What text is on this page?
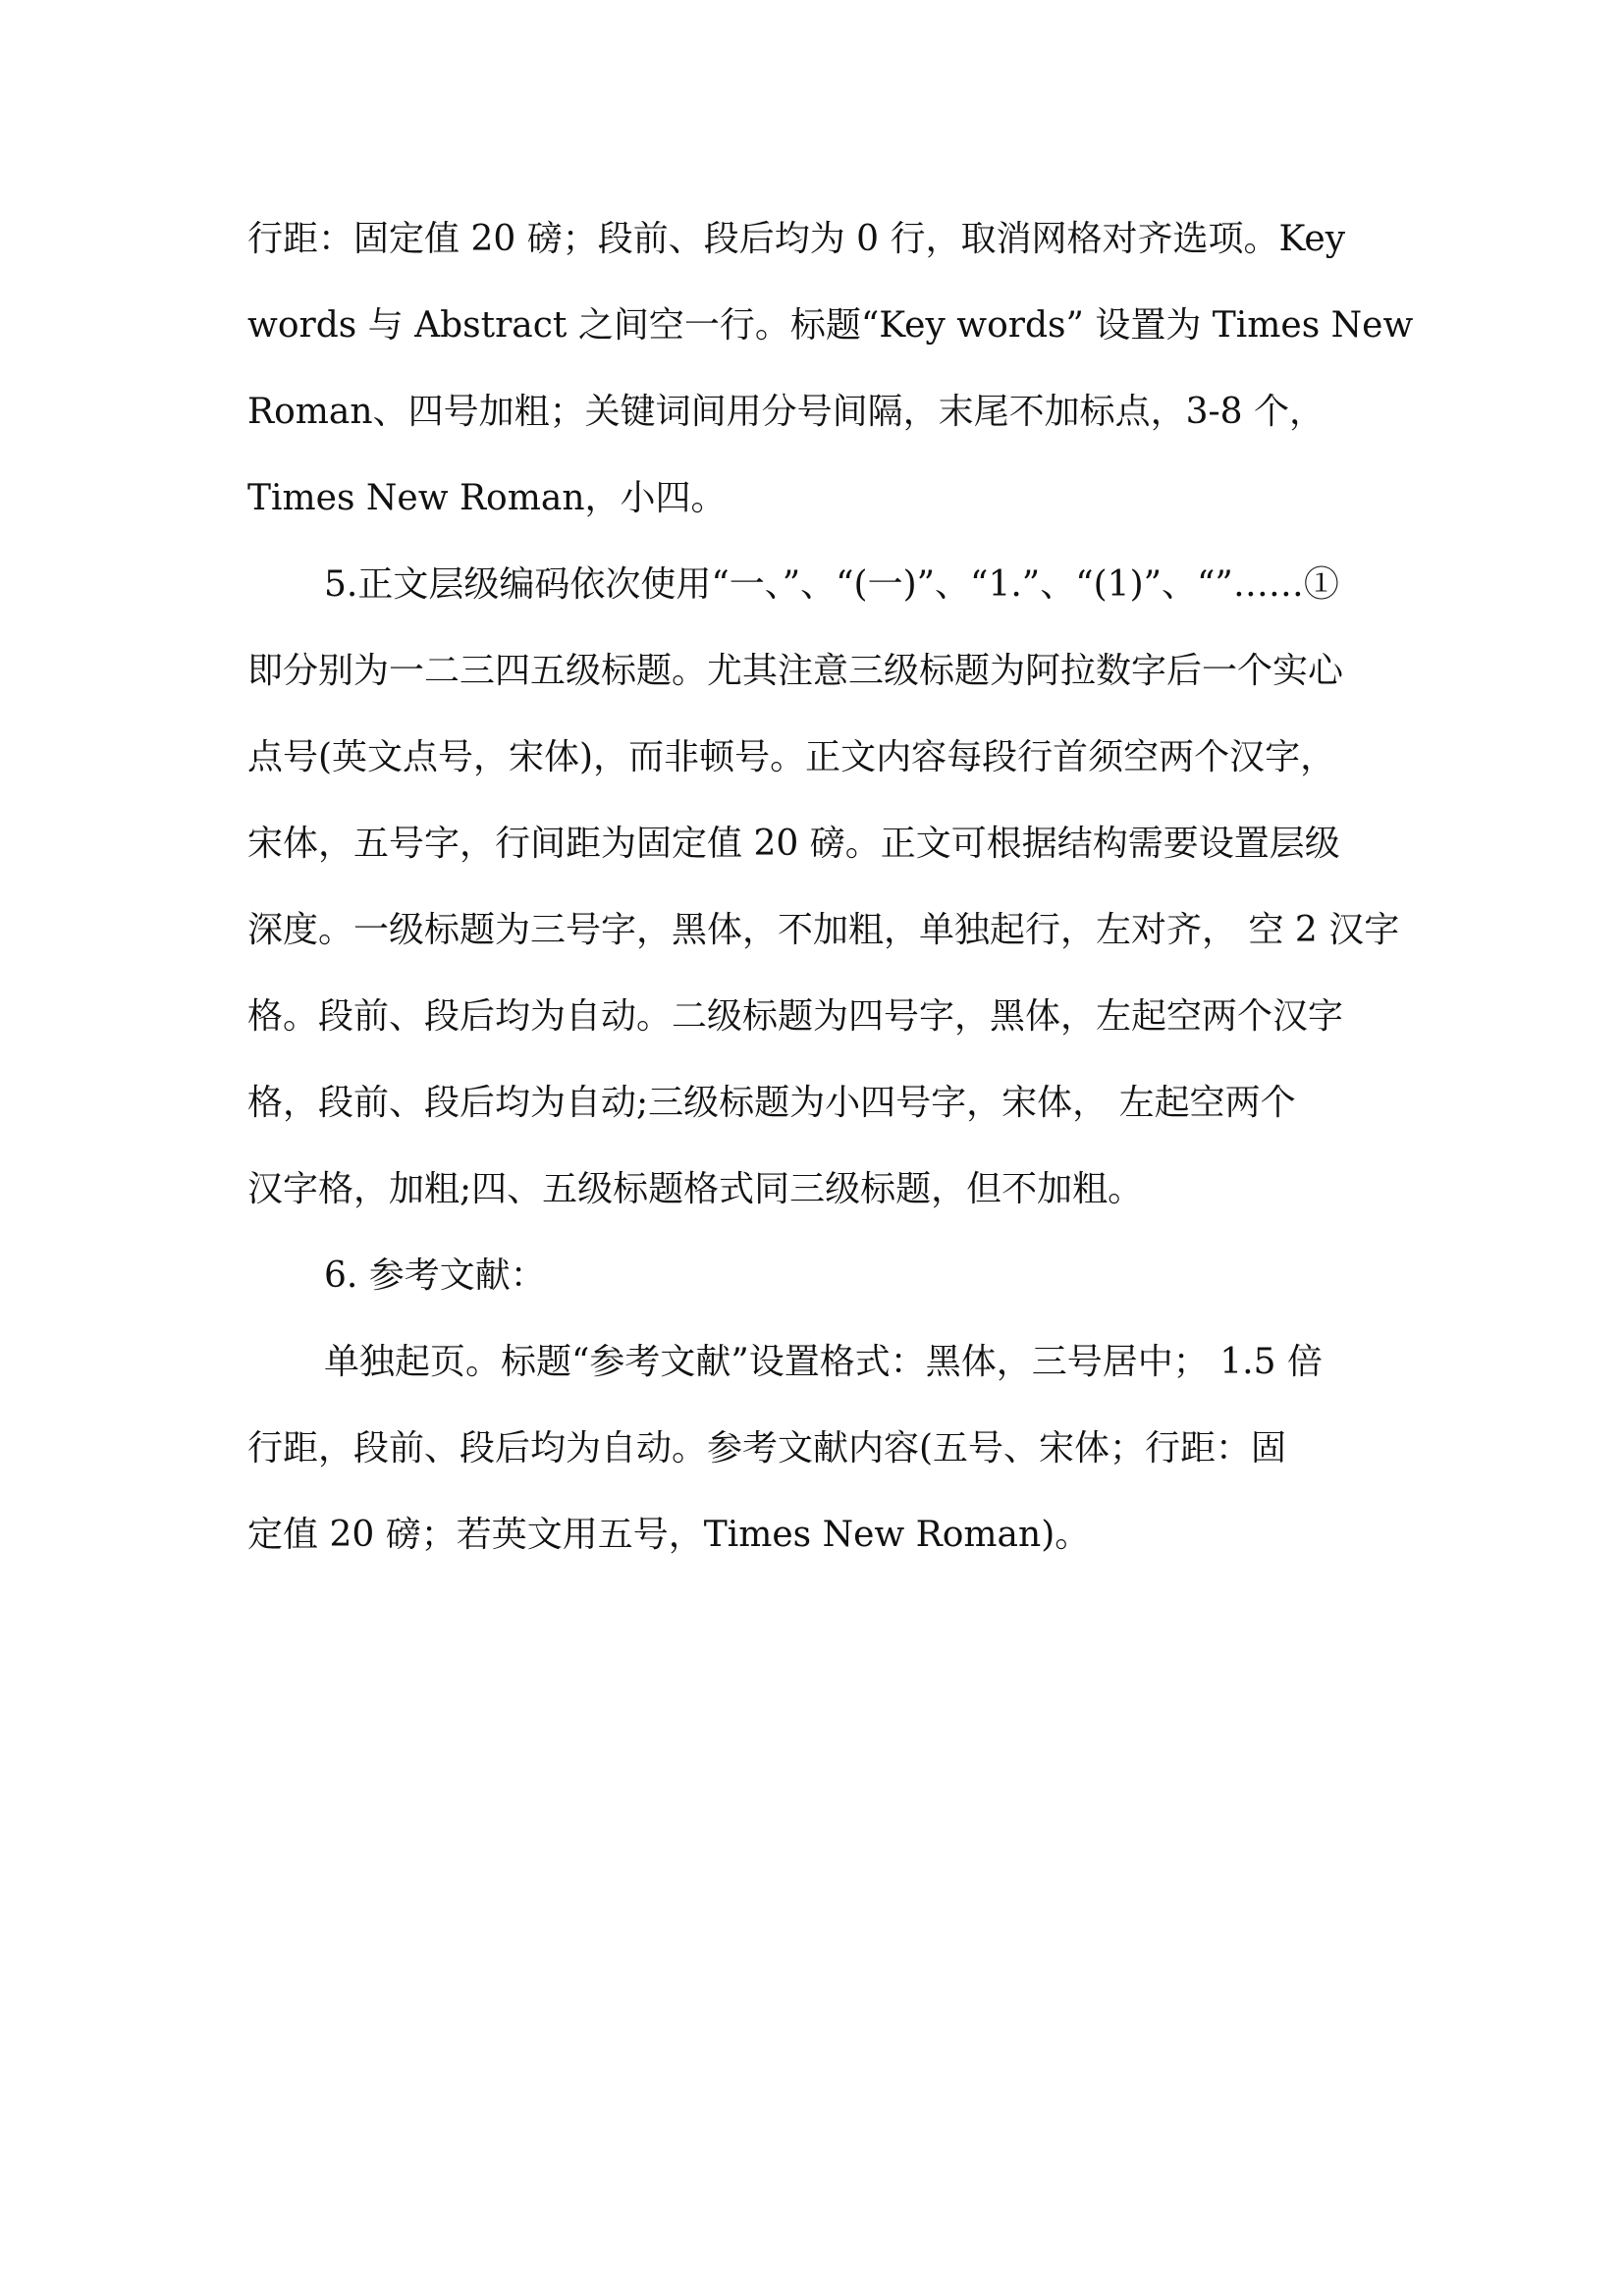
行距：固定值 20 磅；段前、段后均为 0 行，取消网格对齐选项。Key
words 与 Abstract 之间空一行。标题“Key words” 设置为 Times New
Roman、四号加粗；关键词间用分号间隔，末尾不加标点，3-8 个，
Times New Roman，小四。
5.正文层级编码依次使用“一、”、“(一)”、“1.”、“(1)”、“”……①
即分别为一二三四五级标题。尤其注意三级标题为阿拉数字后一个实心
点号(英文点号，宋体)，而非顿号。正文内容每段行首须空两个汉字，
宋体，五号字，行间距为固定值 20 磅。正文可根据结构需要设置层级
深度。一级标题为三号字，黑体，不加粗，单独起行，左对齐， 空 2 汉字
格。段前、段后均为自动。二级标题为四号字，黑体，左起空两个汉字
格，段前、段后均为自动;三级标题为小四号字，宋体， 左起空两个
汉字格，加粗;四、五级标题格式同三级标题，但不加粗。
6. 参考文献：
单独起页。标题“参考文献”设置格式：黑体，三号居中； 1.5 倍
行距，段前、段后均为自动。参考文献内容(五号、宋体；行距：固
定值 20 磅；若英文用五号，Times New Roman)。
